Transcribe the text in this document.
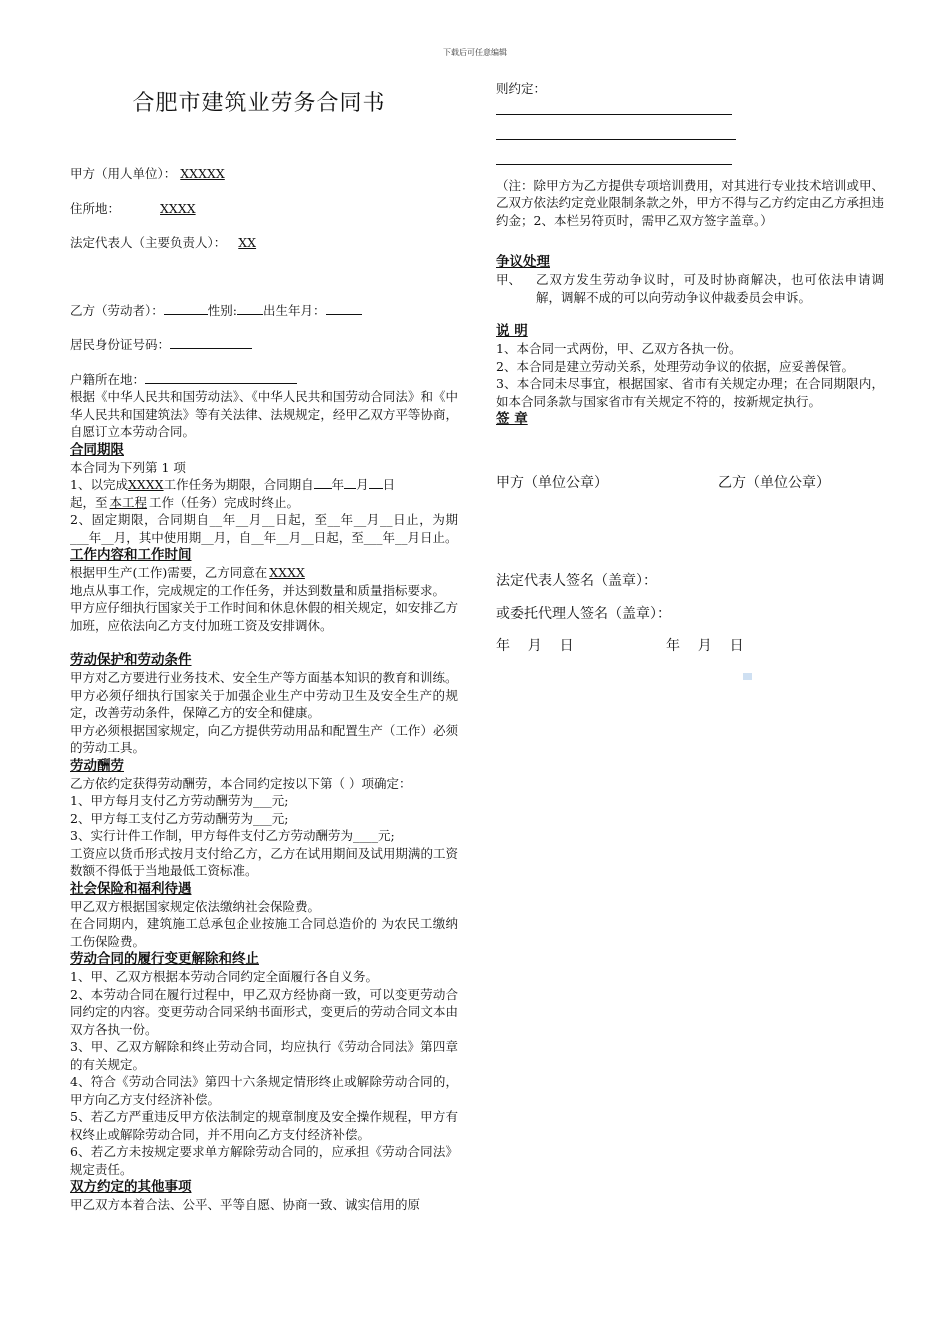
下载后可任意编辑
合肥市建筑业劳务合同书

甲方（用人单位）： XXXXX

住所地：	XXXX

法定代表人（主要负责人）： XX

乙方（劳动者）：	性别: 出生年月：

居民身份证号码：

户籍所在地：

根据《中华人民共和国劳动法》、《中华人民共和国劳动合同法》和《中华人民共和国建筑法》等有关法律、法规规定，经甲乙双方平等协商，自愿订立本劳动合同。

合同期限

本合同为下列第 1 项

1、以完成XXXX工作任务为期限，合同期自 年 月 日
起，至 本工程 工作（任务）完成时终止。

2、固定期限，合同期自__年__月__日起，至__年__月__日止，为期___年__月，其中使用期__月，自__年__月__日起，至___年__月日止。

工作内容和工作时间

根据甲生产(工作)需要，乙方同意在 XXXX

地点从事工作，完成规定的工作任务，并达到数量和质量指标要求。

甲方应仔细执行国家关于工作时间和休息休假的相关规定，如安排乙方加班，应依法向乙方支付加班工资及安排调休。

劳动保护和劳动条件

甲方对乙方要进行业务技术、安全生产等方面基本知识的教育和训练。

甲方必须仔细执行国家关于加强企业生产中劳动卫生及安全生产的规定，改善劳动条件，保障乙方的安全和健康。

甲方必须根据国家规定，向乙方提供劳动用品和配置生产（工作）必须的劳动工具。

劳动酬劳

乙方依约定获得劳动酬劳，本合同约定按以下第（ ）项确定：

1、甲方每月支付乙方劳动酬劳为___元;

2、甲方每工支付乙方劳动酬劳为___元;

3、实行计件工作制，甲方每件支付乙方劳动酬劳为____元;

工资应以货币形式按月支付给乙方，乙方在试用期间及试用期满的工资数额不得低于当地最低工资标准。

社会保险和福利待遇

甲乙双方根据国家规定依法缴纳社会保险费。

在合同期内，建筑施工总承包企业按施工合同总造价的 为农民工缴纳工伤保险费。

劳动合同的履行变更解除和终止

1、甲、乙双方根据本劳动合同约定全面履行各自义务。

2、本劳动合同在履行过程中，甲乙双方经协商一致，可以变更劳动合同约定的内容。变更劳动合同采纳书面形式，变更后的劳动合同文本由双方各执一份。

3、甲、乙双方解除和终止劳动合同，均应执行《劳动合同法》第四章的有关规定。

4、符合《劳动合同法》第四十六条规定情形终止或解除劳动合同的，甲方向乙方支付经济补偿。

5、若乙方严重违反甲方依法制定的规章制度及安全操作规程，甲方有权终止或解除劳动合同，并不用向乙方支付经济补偿。

6、若乙方未按规定要求单方解除劳动合同的，应承担《劳动合同法》规定责任。

双方约定的其他事项

甲乙双方本着合法、公平、平等自愿、协商一致、诚实信用的原

则约定：

（注：除甲方为乙方提供专项培训费用，对其进行专业技术培训或甲、乙双方依法约定竞业限制条款之外，甲方不得与乙方约定由乙方承担违约金；2、本栏另符页时，需甲乙双方签字盖章。）

争议处理
甲、	乙双方发生劳动争议时，可及时协商解决，也可依法申请调解，调解不成的可以向劳动争议仲裁委员会申诉。

说 明

1、本合同一式两份，甲、乙双方各执一份。

2、本合同是建立劳动关系，处理劳动争议的依据，应妥善保管。

3、本合同未尽事宜，根据国家、省市有关规定办理；在合同期限内，如本合同条款与国家省市有关规定不符的，按新规定执行。

签 章
甲方（单位公章）	乙方（单位公章）

法定代表人签名（盖章）：

或委托代理人签名（盖章）：

年    月    日	年    月    日
